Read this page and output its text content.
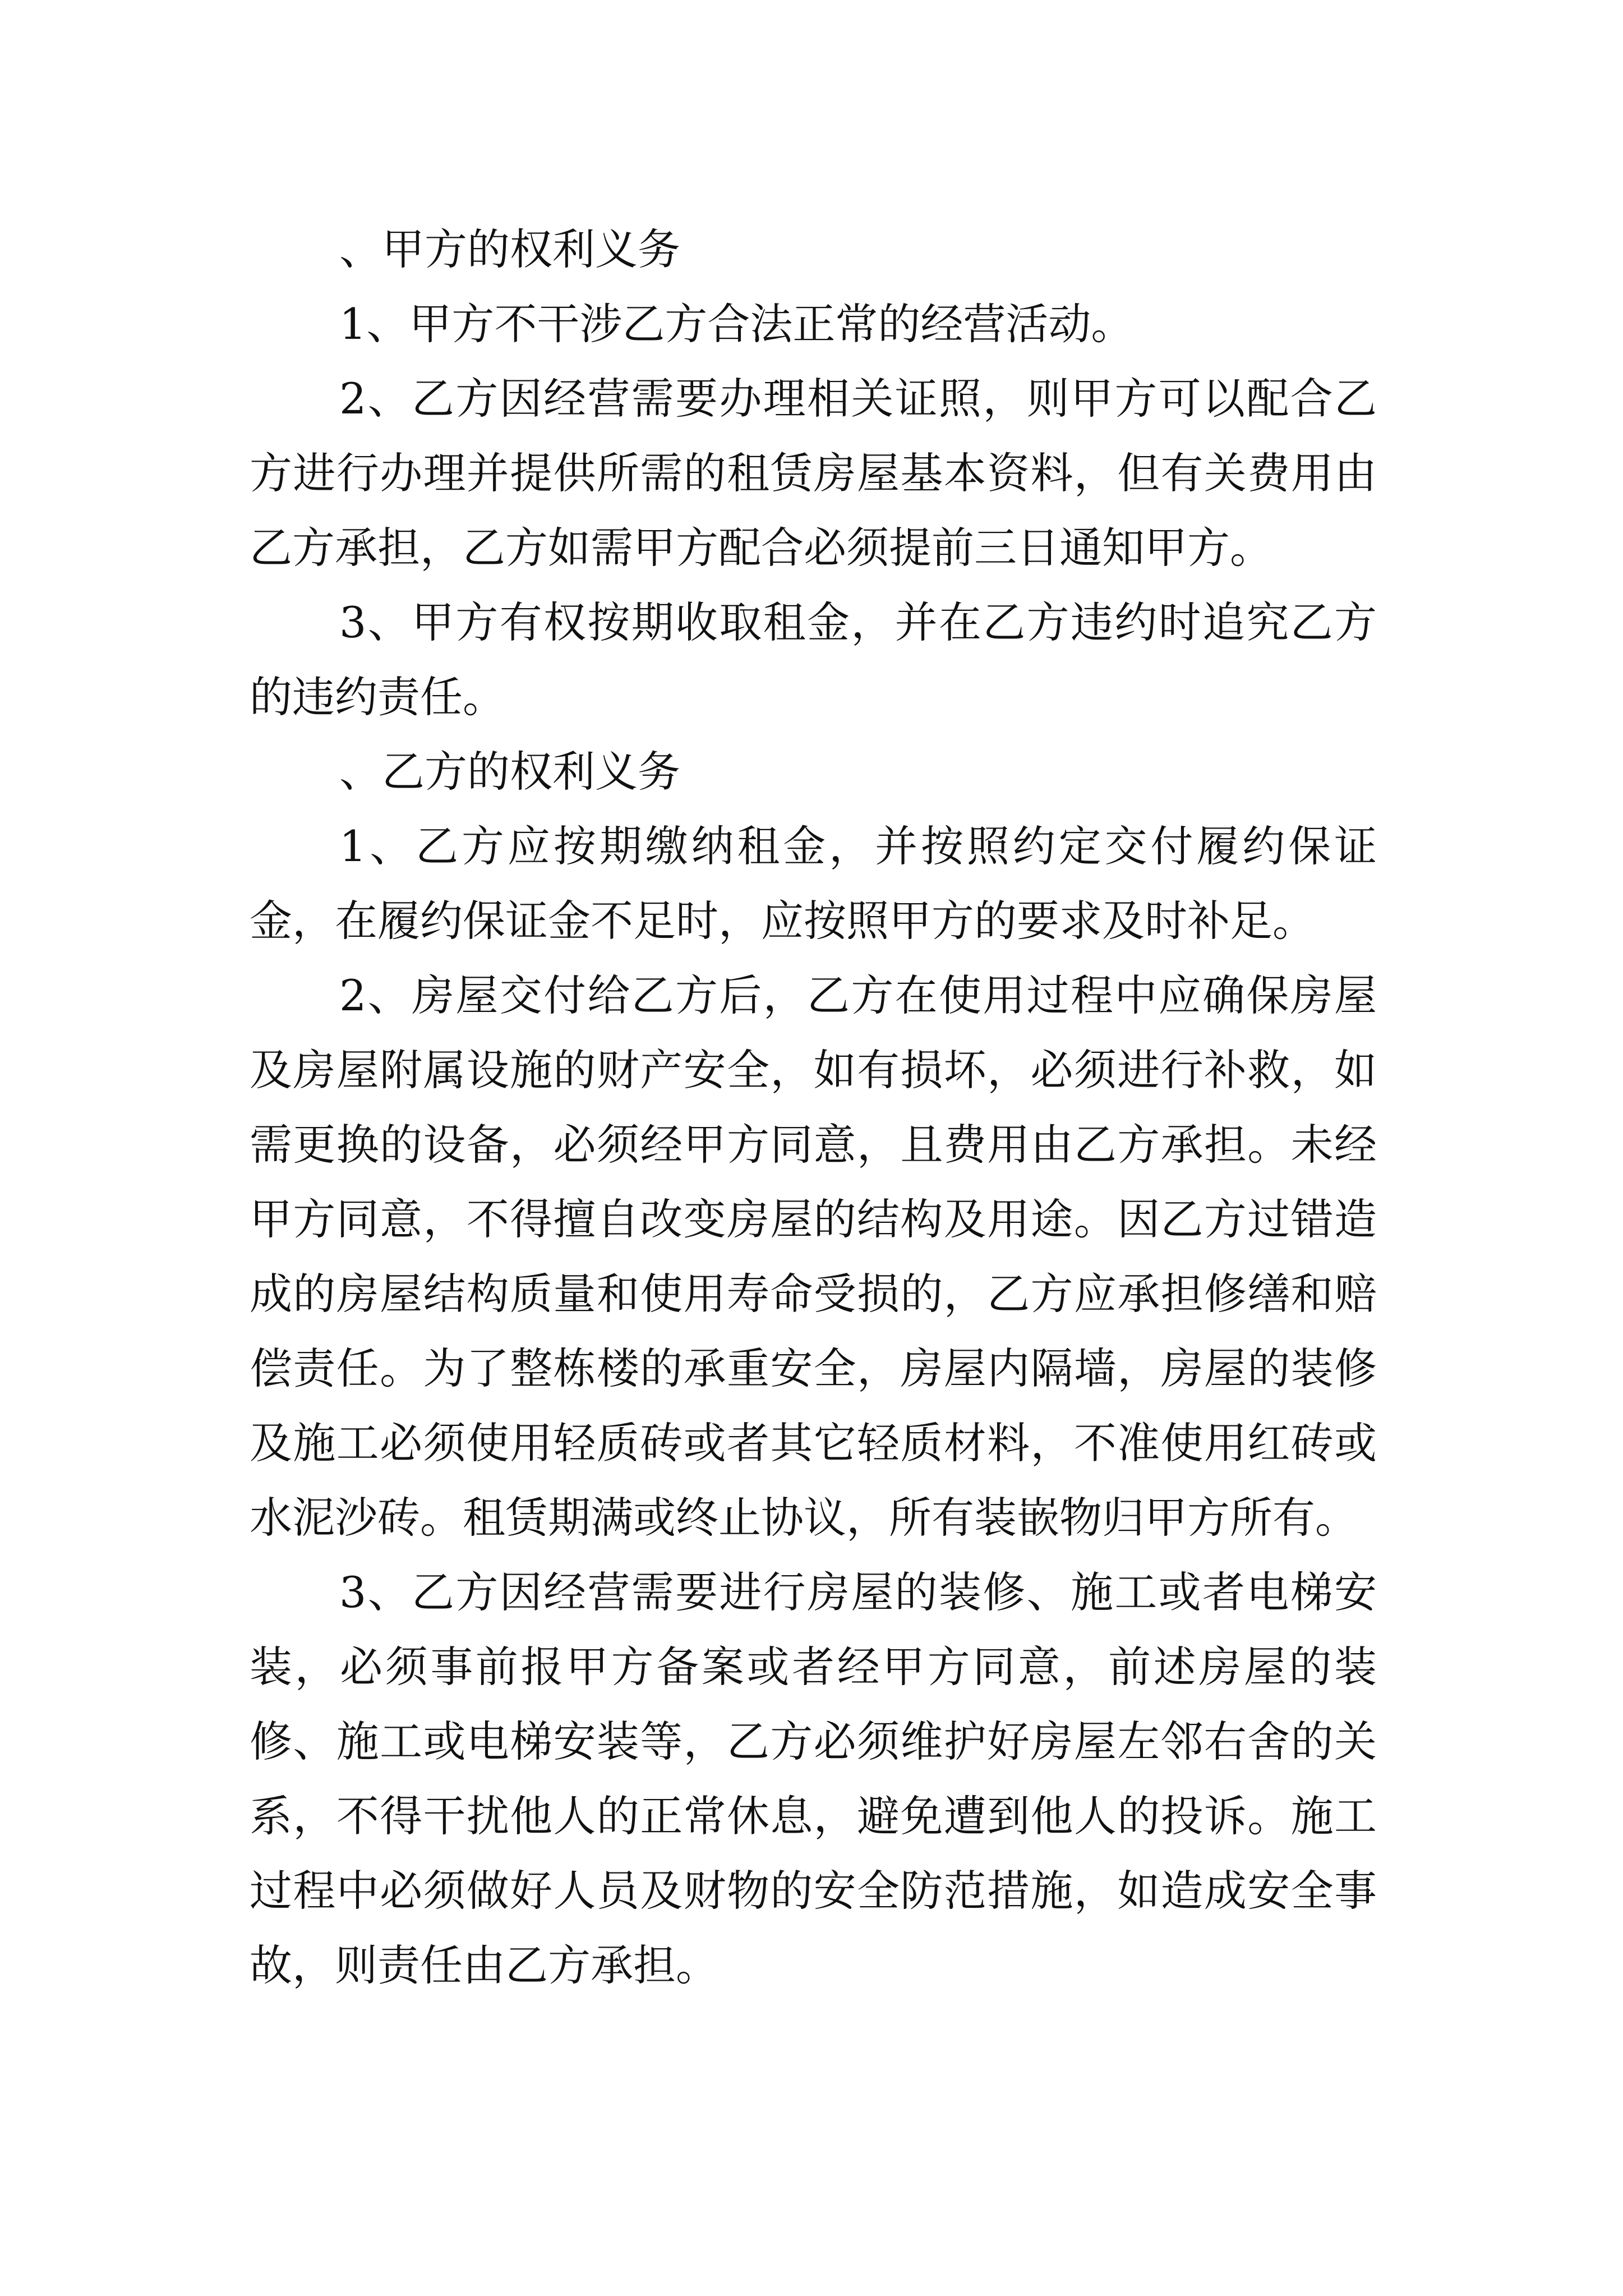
、甲方的权利义务

1、甲方不干涉乙方合法正常的经营活动。

2、乙方因经营需要办理相关证照，则甲方可以配合乙方进行办理并提供所需的租赁房屋基本资料，但有关费用由乙方承担，乙方如需甲方配合必须提前三日通知甲方。

3、甲方有权按期收取租金，并在乙方违约时追究乙方的违约责任。

、乙方的权利义务

1、乙方应按期缴纳租金，并按照约定交付履约保证金，在履约保证金不足时，应按照甲方的要求及时补足。

2、房屋交付给乙方后，乙方在使用过程中应确保房屋及房屋附属设施的财产安全，如有损坏，必须进行补救，如需更换的设备，必须经甲方同意，且费用由乙方承担。未经甲方同意，不得擅自改变房屋的结构及用途。因乙方过错造成的房屋结构质量和使用寿命受损的，乙方应承担修缮和赔偿责任。为了整栋楼的承重安全，房屋内隔墙，房屋的装修及施工必须使用轻质砖或者其它轻质材料，不准使用红砖或水泥沙砖。租赁期满或终止协议，所有装嵌物归甲方所有。

3、乙方因经营需要进行房屋的装修、施工或者电梯安装，必须事前报甲方备案或者经甲方同意，前述房屋的装修、施工或电梯安装等，乙方必须维护好房屋左邻右舍的关系，不得干扰他人的正常休息，避免遭到他人的投诉。施工过程中必须做好人员及财物的安全防范措施，如造成安全事故，则责任由乙方承担。
